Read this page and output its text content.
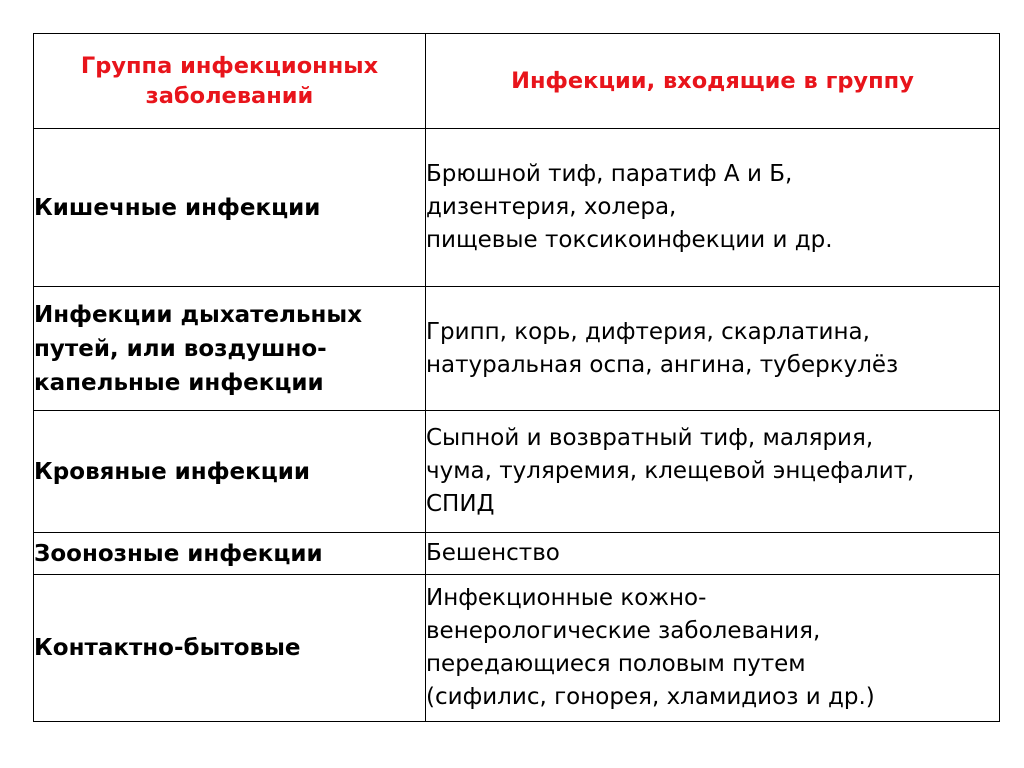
Группа инфекционных заболеваний	Инфекции, входящие в группу
Кишечные инфекции	Брюшной тиф, паратиф А и Б,
дизентерия, холера,
пищевые токсикоинфекции и др.

Инфекции дыхательных путей, или воздушно-капельные инфекции	Грипп, корь, дифтерия, скарлатина,
натуральная оспа, ангина, туберкулёз

Кровяные инфекции	Сыпной и возвратный тиф, малярия,
чума, туляремия, клещевой энцефалит,
СПИД

Зоонозные инфекции	Бешенство

Контактно-бытовые	Инфекционные кожно-
венерологические заболевания,
передающиеся половым путем
(сифилис, гонорея, хламидиоз и др.)
